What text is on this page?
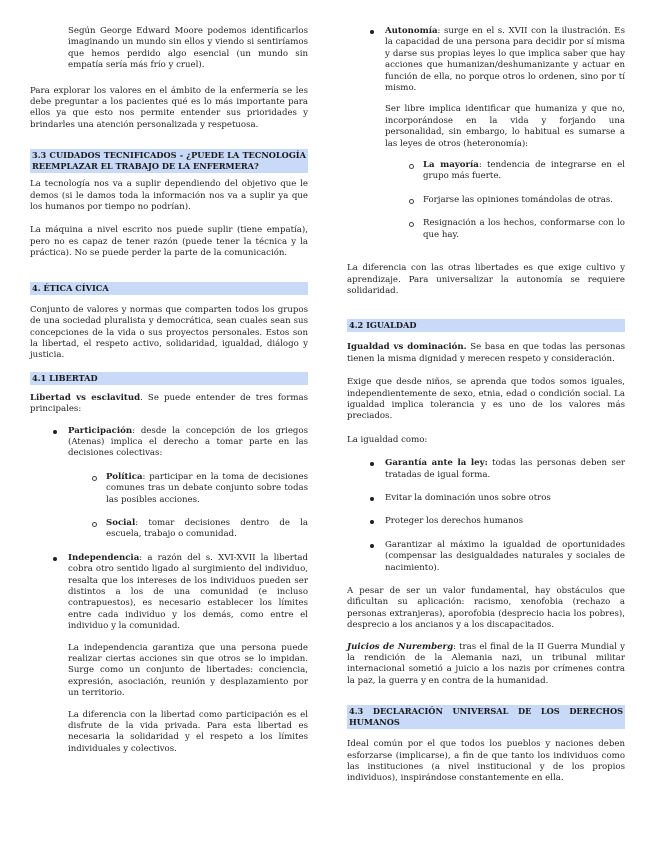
Según George Edward Moore podemos identificarlos imaginando un mundo sin ellos y viendo si sentiríamos que hemos perdido algo esencial (un mundo sin empatía sería más frío y cruel).

Para explorar los valores en el ámbito de la enfermería se les debe preguntar a los pacientes qué es lo más importante para ellos ya que esto nos permite entender sus prioridades y brindarles una atención personalizada y respetuosa.

3.3 CUIDADOS TECNIFICADOS - ¿PUEDE LA TECNOLOGÍA REEMPLAZAR EL TRABAJO DE LA ENFERMERA?

La tecnología nos va a suplir dependiendo del objetivo que le demos (si le damos toda la información nos va a suplir ya que los humanos por tiempo no podrían).

La máquina a nivel escrito nos puede suplir (tiene empatía), pero no es capaz de tener razón (puede tener la técnica y la práctica). No se puede perder la parte de la comunicación.

4. ÉTICA CÍVICA

Conjunto de valores y normas que comparten todos los grupos de una sociedad pluralista y democrática, sean cuales sean sus concepciones de la vida o sus proyectos personales. Estos son la libertad, el respeto activo, solidaridad, igualdad, diálogo y justicia.

4.1 LIBERTAD

Libertad vs esclavitud. Se puede entender de tres formas principales:

Participación: desde la concepción de los griegos (Atenas) implica el derecho a tomar parte en las decisiones colectivas:

Política: participar en la toma de decisiones comunes tras un debate conjunto sobre todas las posibles acciones.

Social: tomar decisiones dentro de la escuela, trabajo o comunidad.

Independencia: a razón del s. XVI-XVII la libertad cobra otro sentido ligado al surgimiento del individuo, resalta que los intereses de los individuos pueden ser distintos a los de una comunidad (e incluso contrapuestos), es necesario establecer los límites entre cada individuo y los demás, como entre el individuo y la comunidad.

La independencia garantiza que una persona puede realizar ciertas acciones sin que otros se lo impidan. Surge como un conjunto de libertades: conciencia, expresión, asociación, reunión y desplazamiento por un territorio.

La diferencia con la libertad como participación es el disfrute de la vida privada. Para esta libertad es necesaria la solidaridad y el respeto a los límites individuales y colectivos.

Autonomía: surge en el s. XVII con la ilustración. Es la capacidad de una persona para decidir por sí misma y darse sus propias leyes lo que implica saber que hay acciones que humanizan/deshumanizante y actuar en función de ella, no porque otros lo ordenen, sino por tí mismo.

Ser libre implica identificar que humaniza y que no, incorporándose en la vida y forjando una personalidad, sin embargo, lo habitual es sumarse a las leyes de otros (heteronomía):

La mayoría: tendencia de integrarse en el grupo más fuerte.

Forjarse las opiniones tomándolas de otras.

Resignación a los hechos, conformarse con lo que hay.

La diferencia con las otras libertades es que exige cultivo y aprendizaje. Para universalizar la autonomía se requiere solidaridad.

4.2 IGUALDAD

Igualdad vs dominación. Se basa en que todas las personas tienen la misma dignidad y merecen respeto y consideración.

Exige que desde niños, se aprenda que todos somos iguales, independientemente de sexo, etnia, edad o condición social. La igualdad implica tolerancia y es uno de los valores más preciados.

La igualdad como:

Garantía ante la ley: todas las personas deben ser tratadas de igual forma.

Evitar la dominación unos sobre otros

Proteger los derechos humanos

Garantizar al máximo la igualdad de oportunidades (compensar las desigualdades naturales y sociales de nacimiento).

A pesar de ser un valor fundamental, hay obstáculos que dificultan su aplicación: racismo, xenofobia (rechazo a personas extranjeras), aporofobia (desprecio hacia los pobres), desprecio a los ancianos y a los discapacitados.

Juicios de Nuremberg: tras el final de la II Guerra Mundial y la rendición de la Alemania nazi, un tribunal militar internacional sometió a juicio a los nazis por crímenes contra la paz, la guerra y en contra de la humanidad.

4.3 DECLARACIÓN UNIVERSAL DE LOS DERECHOS HUMANOS

Ideal común por el que todos los pueblos y naciones deben esforzarse (implicarse), a fin de que tanto los individuos como las instituciones (a nivel institucional y de los propios individuos), inspirándose constantemente en ella.
